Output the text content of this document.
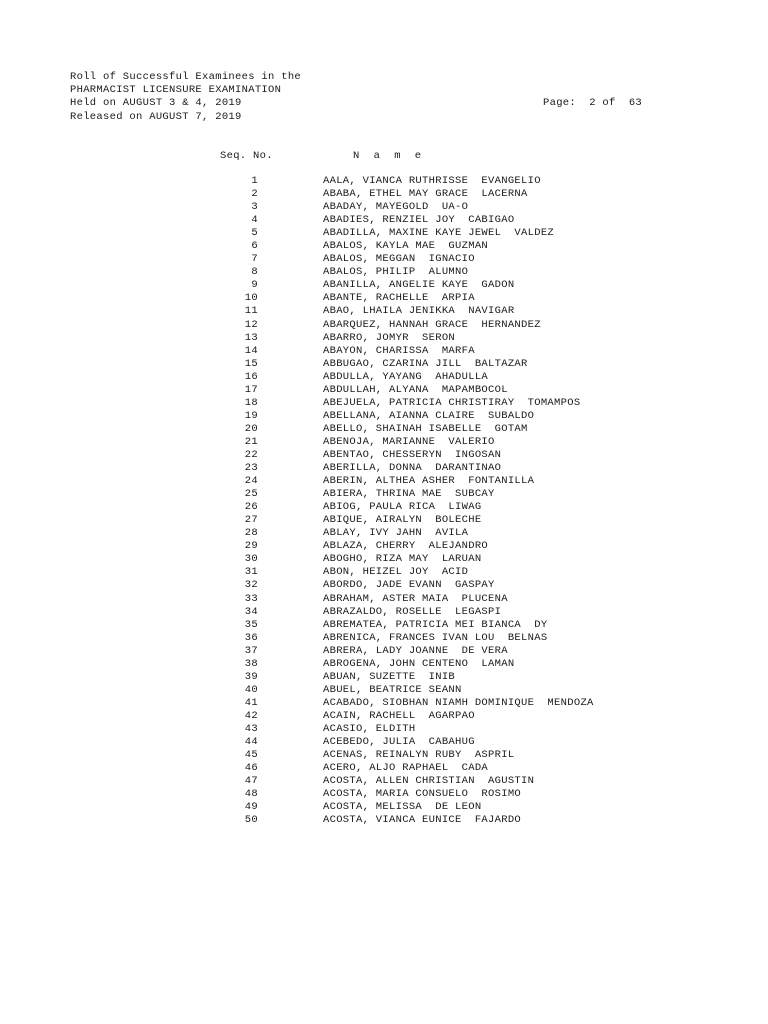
Roll of Successful Examinees in the
PHARMACIST LICENSURE EXAMINATION
Held on AUGUST 3 & 4, 2019
Released on AUGUST 7, 2019
Page:  2 of  63
Seq. No.	N a m e
1	AALA, VIANCA RUTHRISSE  EVANGELIO
2	ABABA, ETHEL MAY GRACE  LACERNA
3	ABADAY, MAYEGOLD  UA-O
4	ABADIES, RENZIEL JOY  CABIGAO
5	ABADILLA, MAXINE KAYE JEWEL  VALDEZ
6	ABALOS, KAYLA MAE  GUZMAN
7	ABALOS, MEGGAN  IGNACIO
8	ABALOS, PHILIP  ALUMNO
9	ABANILLA, ANGELIE KAYE  GADON
10	ABANTE, RACHELLE  ARPIA
11	ABAO, LHAILA JENIKKA  NAVIGAR
12	ABARQUEZ, HANNAH GRACE  HERNANDEZ
13	ABARRO, JOMYR  SERON
14	ABAYON, CHARISSA  MARFA
15	ABBUGAO, CZARINA JILL  BALTAZAR
16	ABDULLA, YAYANG  AHADULLA
17	ABDULLAH, ALYANA  MAPAMBOCOL
18	ABEJUELA, PATRICIA CHRISTIRAY  TOMAMPOS
19	ABELLANA, AIANNA CLAIRE  SUBALDO
20	ABELLO, SHAINAH ISABELLE  GOTAM
21	ABENOJA, MARIANNE  VALERIO
22	ABENTAO, CHESSERYN  INGOSAN
23	ABERILLA, DONNA  DARANTINAO
24	ABERIN, ALTHEA ASHER  FONTANILLA
25	ABIERA, THRINA MAE  SUBCAY
26	ABIOG, PAULA RICA  LIWAG
27	ABIQUE, AIRALYN  BOLECHE
28	ABLAY, IVY JAHN  AVILA
29	ABLAZA, CHERRY  ALEJANDRO
30	ABOGHO, RIZA MAY  LARUAN
31	ABON, HEIZEL JOY  ACID
32	ABORDO, JADE EVANN  GASPAY
33	ABRAHAM, ASTER MAIA  PLUCENA
34	ABRAZALDO, ROSELLE  LEGASPI
35	ABREMATEA, PATRICIA MEI BIANCA  DY
36	ABRENICA, FRANCES IVAN LOU  BELNAS
37	ABRERA, LADY JOANNE  DE VERA
38	ABROGENA, JOHN CENTENO  LAMAN
39	ABUAN, SUZETTE  INIB
40	ABUEL, BEATRICE SEANN
41	ACABADO, SIOBHAN NIAMH DOMINIQUE  MENDOZA
42	ACAIN, RACHELL  AGARPAO
43	ACASIO, ELDITH
44	ACEBEDO, JULIA  CABAHUG
45	ACENAS, REINALYN RUBY  ASPRIL
46	ACERO, ALJO RAPHAEL  CADA
47	ACOSTA, ALLEN CHRISTIAN  AGUSTIN
48	ACOSTA, MARIA CONSUELO  ROSIMO
49	ACOSTA, MELISSA  DE LEON
50	ACOSTA, VIANCA EUNICE  FAJARDO
